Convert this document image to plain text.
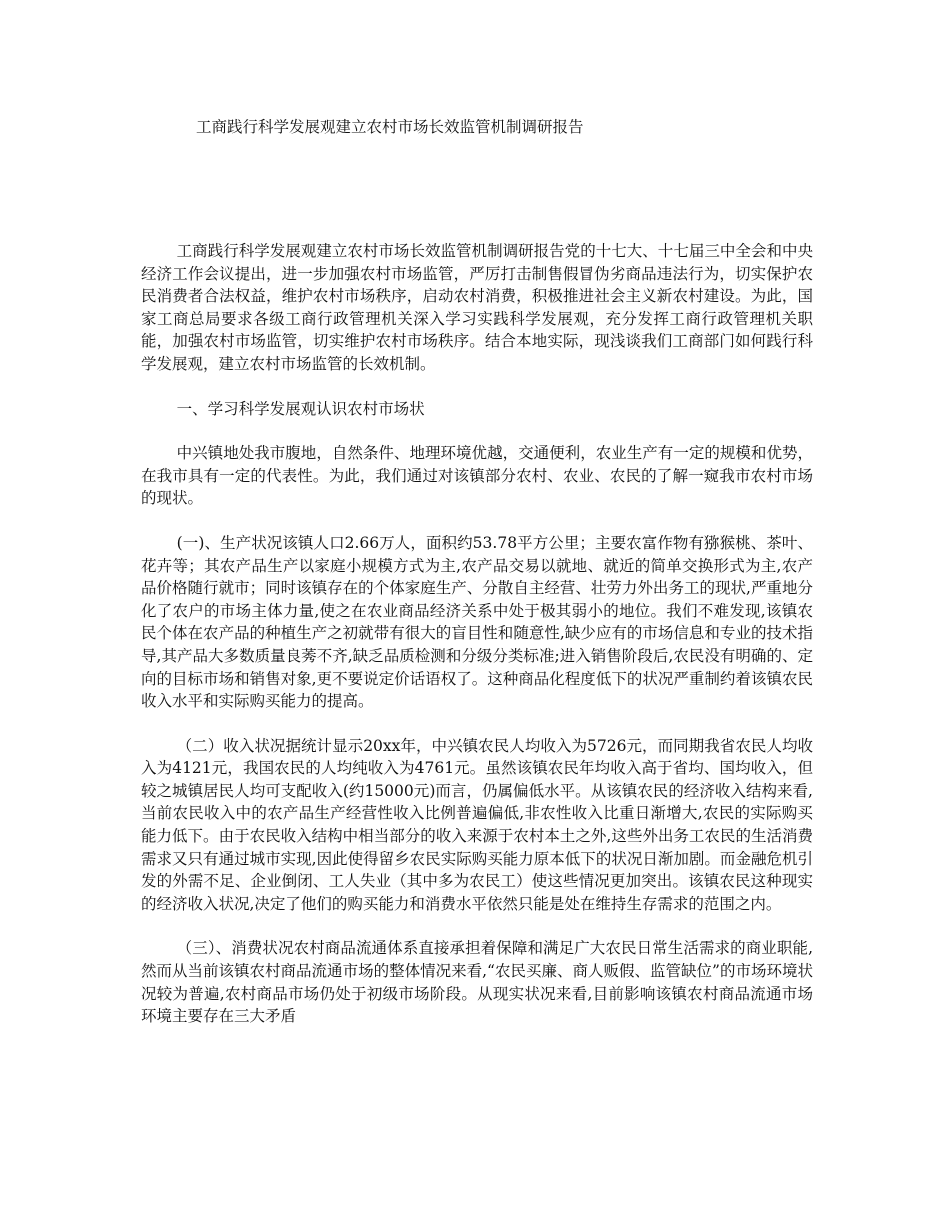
工商践行科学发展观建立农村市场长效监管机制调研报告

工商践行科学发展观建立农村市场长效监管机制调研报告党的十七大、十七届三中全会和中央经济工作会议提出，进一步加强农村市场监管，严厉打击制售假冒伪劣商品违法行为，切实保护农民消费者合法权益，维护农村市场秩序，启动农村消费，积极推进社会主义新农村建设。为此，国家工商总局要求各级工商行政管理机关深入学习实践科学发展观，充分发挥工商行政管理机关职能，加强农村市场监管，切实维护农村市场秩序。结合本地实际，现浅谈我们工商部门如何践行科学发展观，建立农村市场监管的长效机制。

一、学习科学发展观认识农村市场状

中兴镇地处我市腹地，自然条件、地理环境优越，交通便利，农业生产有一定的规模和优势，在我市具有一定的代表性。为此，我们通过对该镇部分农村、农业、农民的了解一窥我市农村市场的现状。

(一)、生产状况该镇人口2.66万人，面积约53.78平方公里；主要农富作物有猕猴桃、茶叶、花卉等；其农产品生产以家庭小规模方式为主,农产品交易以就地、就近的简单交换形式为主,农产品价格随行就市；同时该镇存在的个体家庭生产、分散自主经营、壮劳力外出务工的现状,严重地分化了农户的市场主体力量,使之在农业商品经济关系中处于极其弱小的地位。我们不难发现,该镇农民个体在农产品的种植生产之初就带有很大的盲目性和随意性,缺少应有的市场信息和专业的技术指导,其产品大多数质量良莠不齐,缺乏品质检测和分级分类标准;进入销售阶段后,农民没有明确的、定向的目标市场和销售对象,更不要说定价话语权了。这种商品化程度低下的状况严重制约着该镇农民收入水平和实际购买能力的提高。

（二）收入状况据统计显示20xx年，中兴镇农民人均收入为5726元，而同期我省农民人均收入为4121元，我国农民的人均纯收入为4761元。虽然该镇农民年均收入高于省均、国均收入，但较之城镇居民人均可支配收入(约15000元)而言，仍属偏低水平。从该镇农民的经济收入结构来看,当前农民收入中的农产品生产经营性收入比例普遍偏低,非农性收入比重日渐增大,农民的实际购买能力低下。由于农民收入结构中相当部分的收入来源于农村本土之外,这些外出务工农民的生活消费需求又只有通过城市实现,因此使得留乡农民实际购买能力原本低下的状况日渐加剧。而金融危机引发的外需不足、企业倒闭、工人失业（其中多为农民工）使这些情况更加突出。该镇农民这种现实的经济收入状况,决定了他们的购买能力和消费水平依然只能是处在维持生存需求的范围之内。

（三）、消费状况农村商品流通体系直接承担着保障和满足广大农民日常生活需求的商业职能,然而从当前该镇农村商品流通市场的整体情况来看,“农民买廉、商人贩假、监管缺位”的市场环境状况较为普遍,农村商品市场仍处于初级市场阶段。从现实状况来看,目前影响该镇农村商品流通市场环境主要存在三大矛盾
